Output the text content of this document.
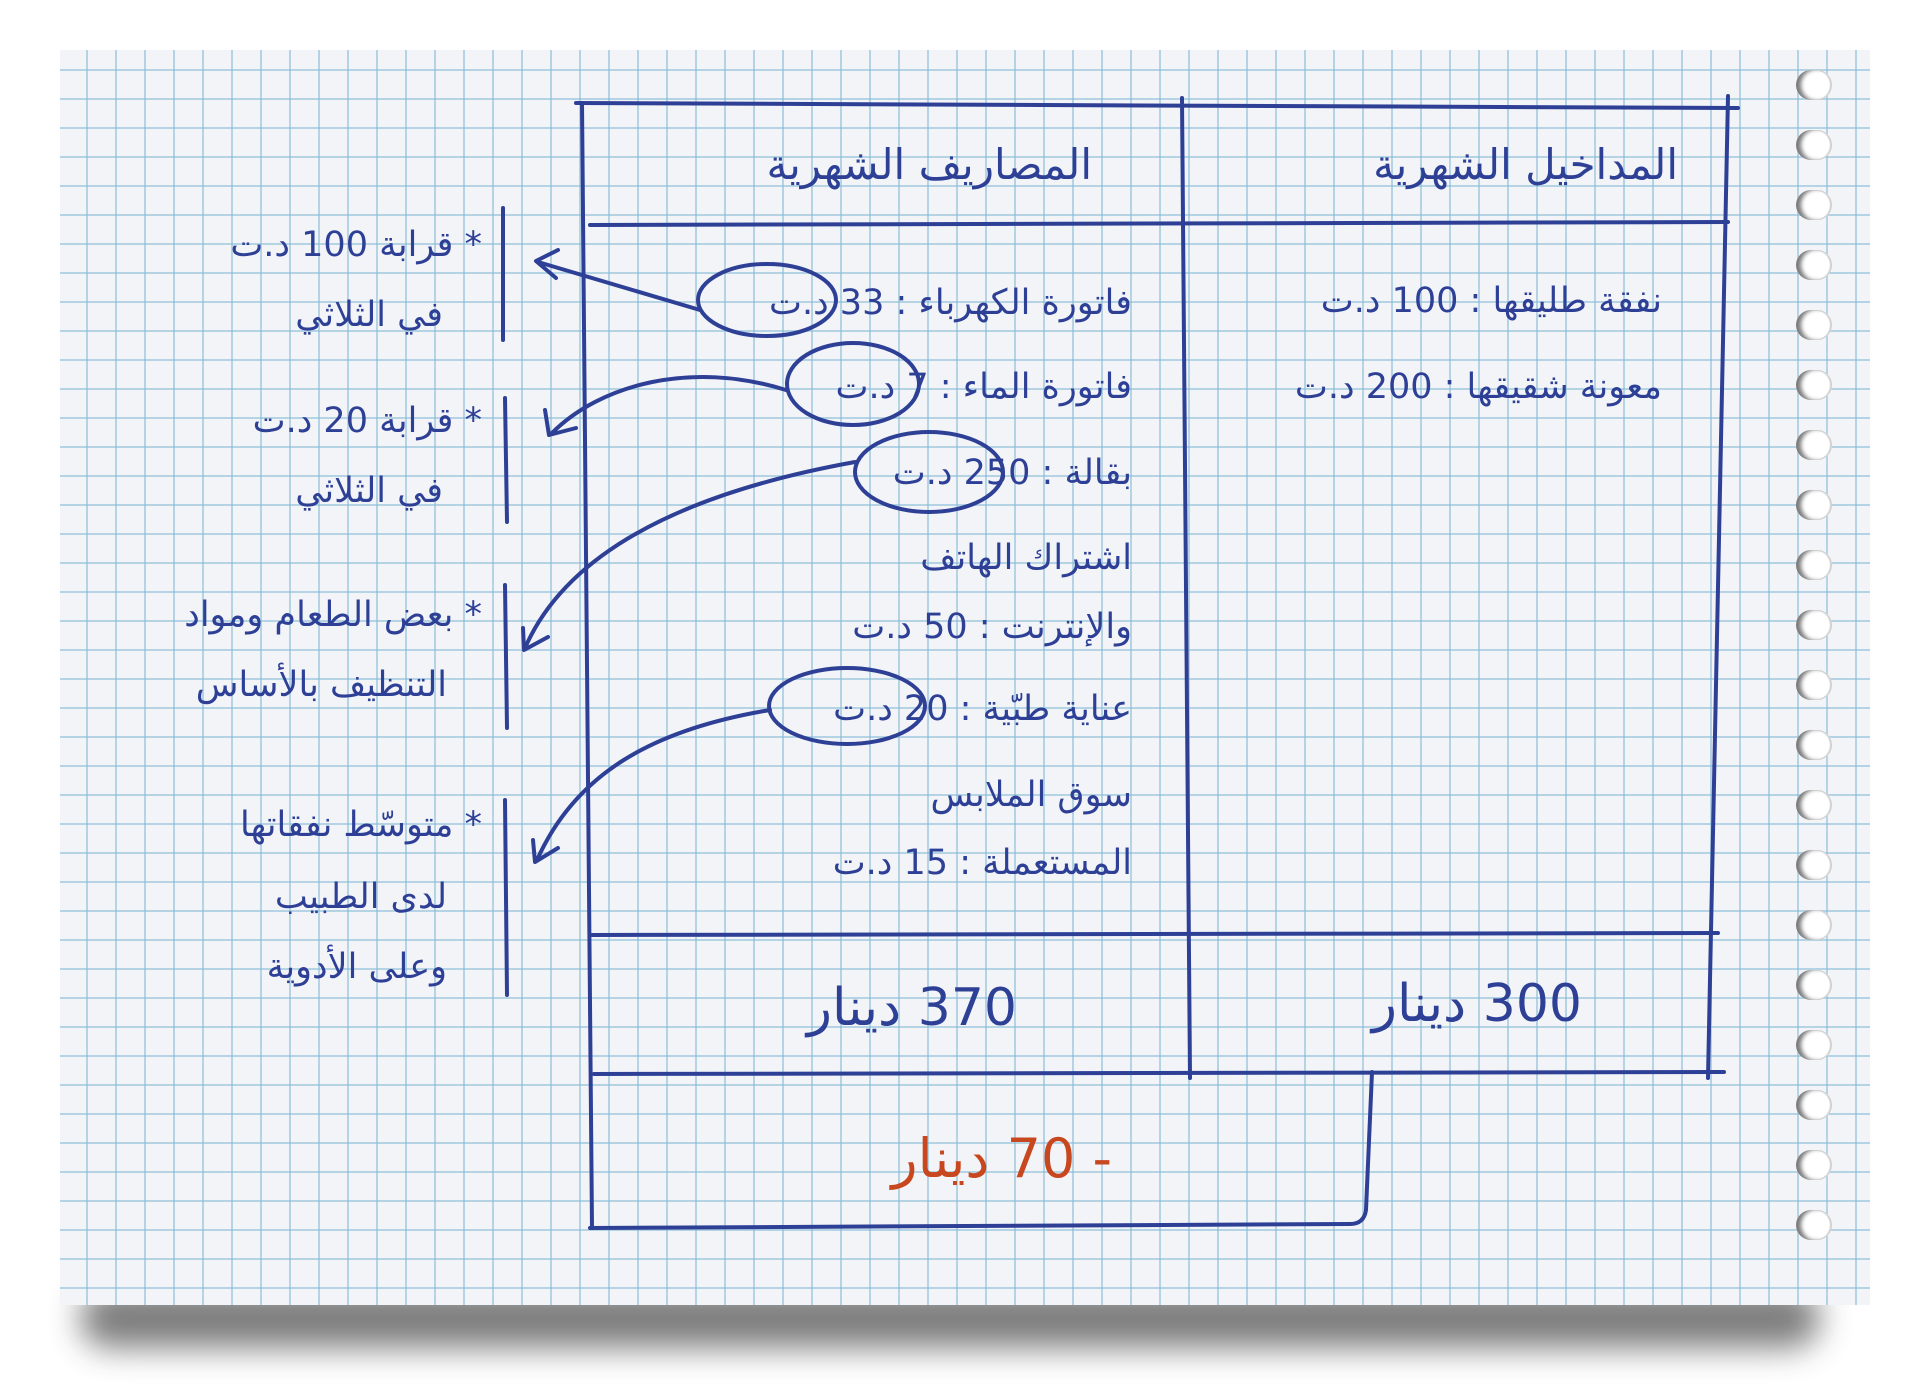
المداخيل الشهرية
المصاريف الشهرية
نفقة طليقها : 100 د.ت
معونة شقيقها : 200 د.ت
فاتورة الكهرباء : 33 د.ت
فاتورة الماء : 7 د.ت
بقالة : 250 د.ت
اشتراك الهاتف
والإنترنت : 50 د.ت
عناية طبّية : 20 د.ت
سوق الملابس
المستعملة : 15 د.ت
300 دينار
370 دينار
- 70 دينار
* قرابة 100 د.ت
في الثلاثي
* قرابة 20 د.ت
في الثلاثي
* بعض الطعام ومواد
التنظيف بالأساس
* متوسّط نفقاتها
لدى الطبيب
وعلى الأدوية
